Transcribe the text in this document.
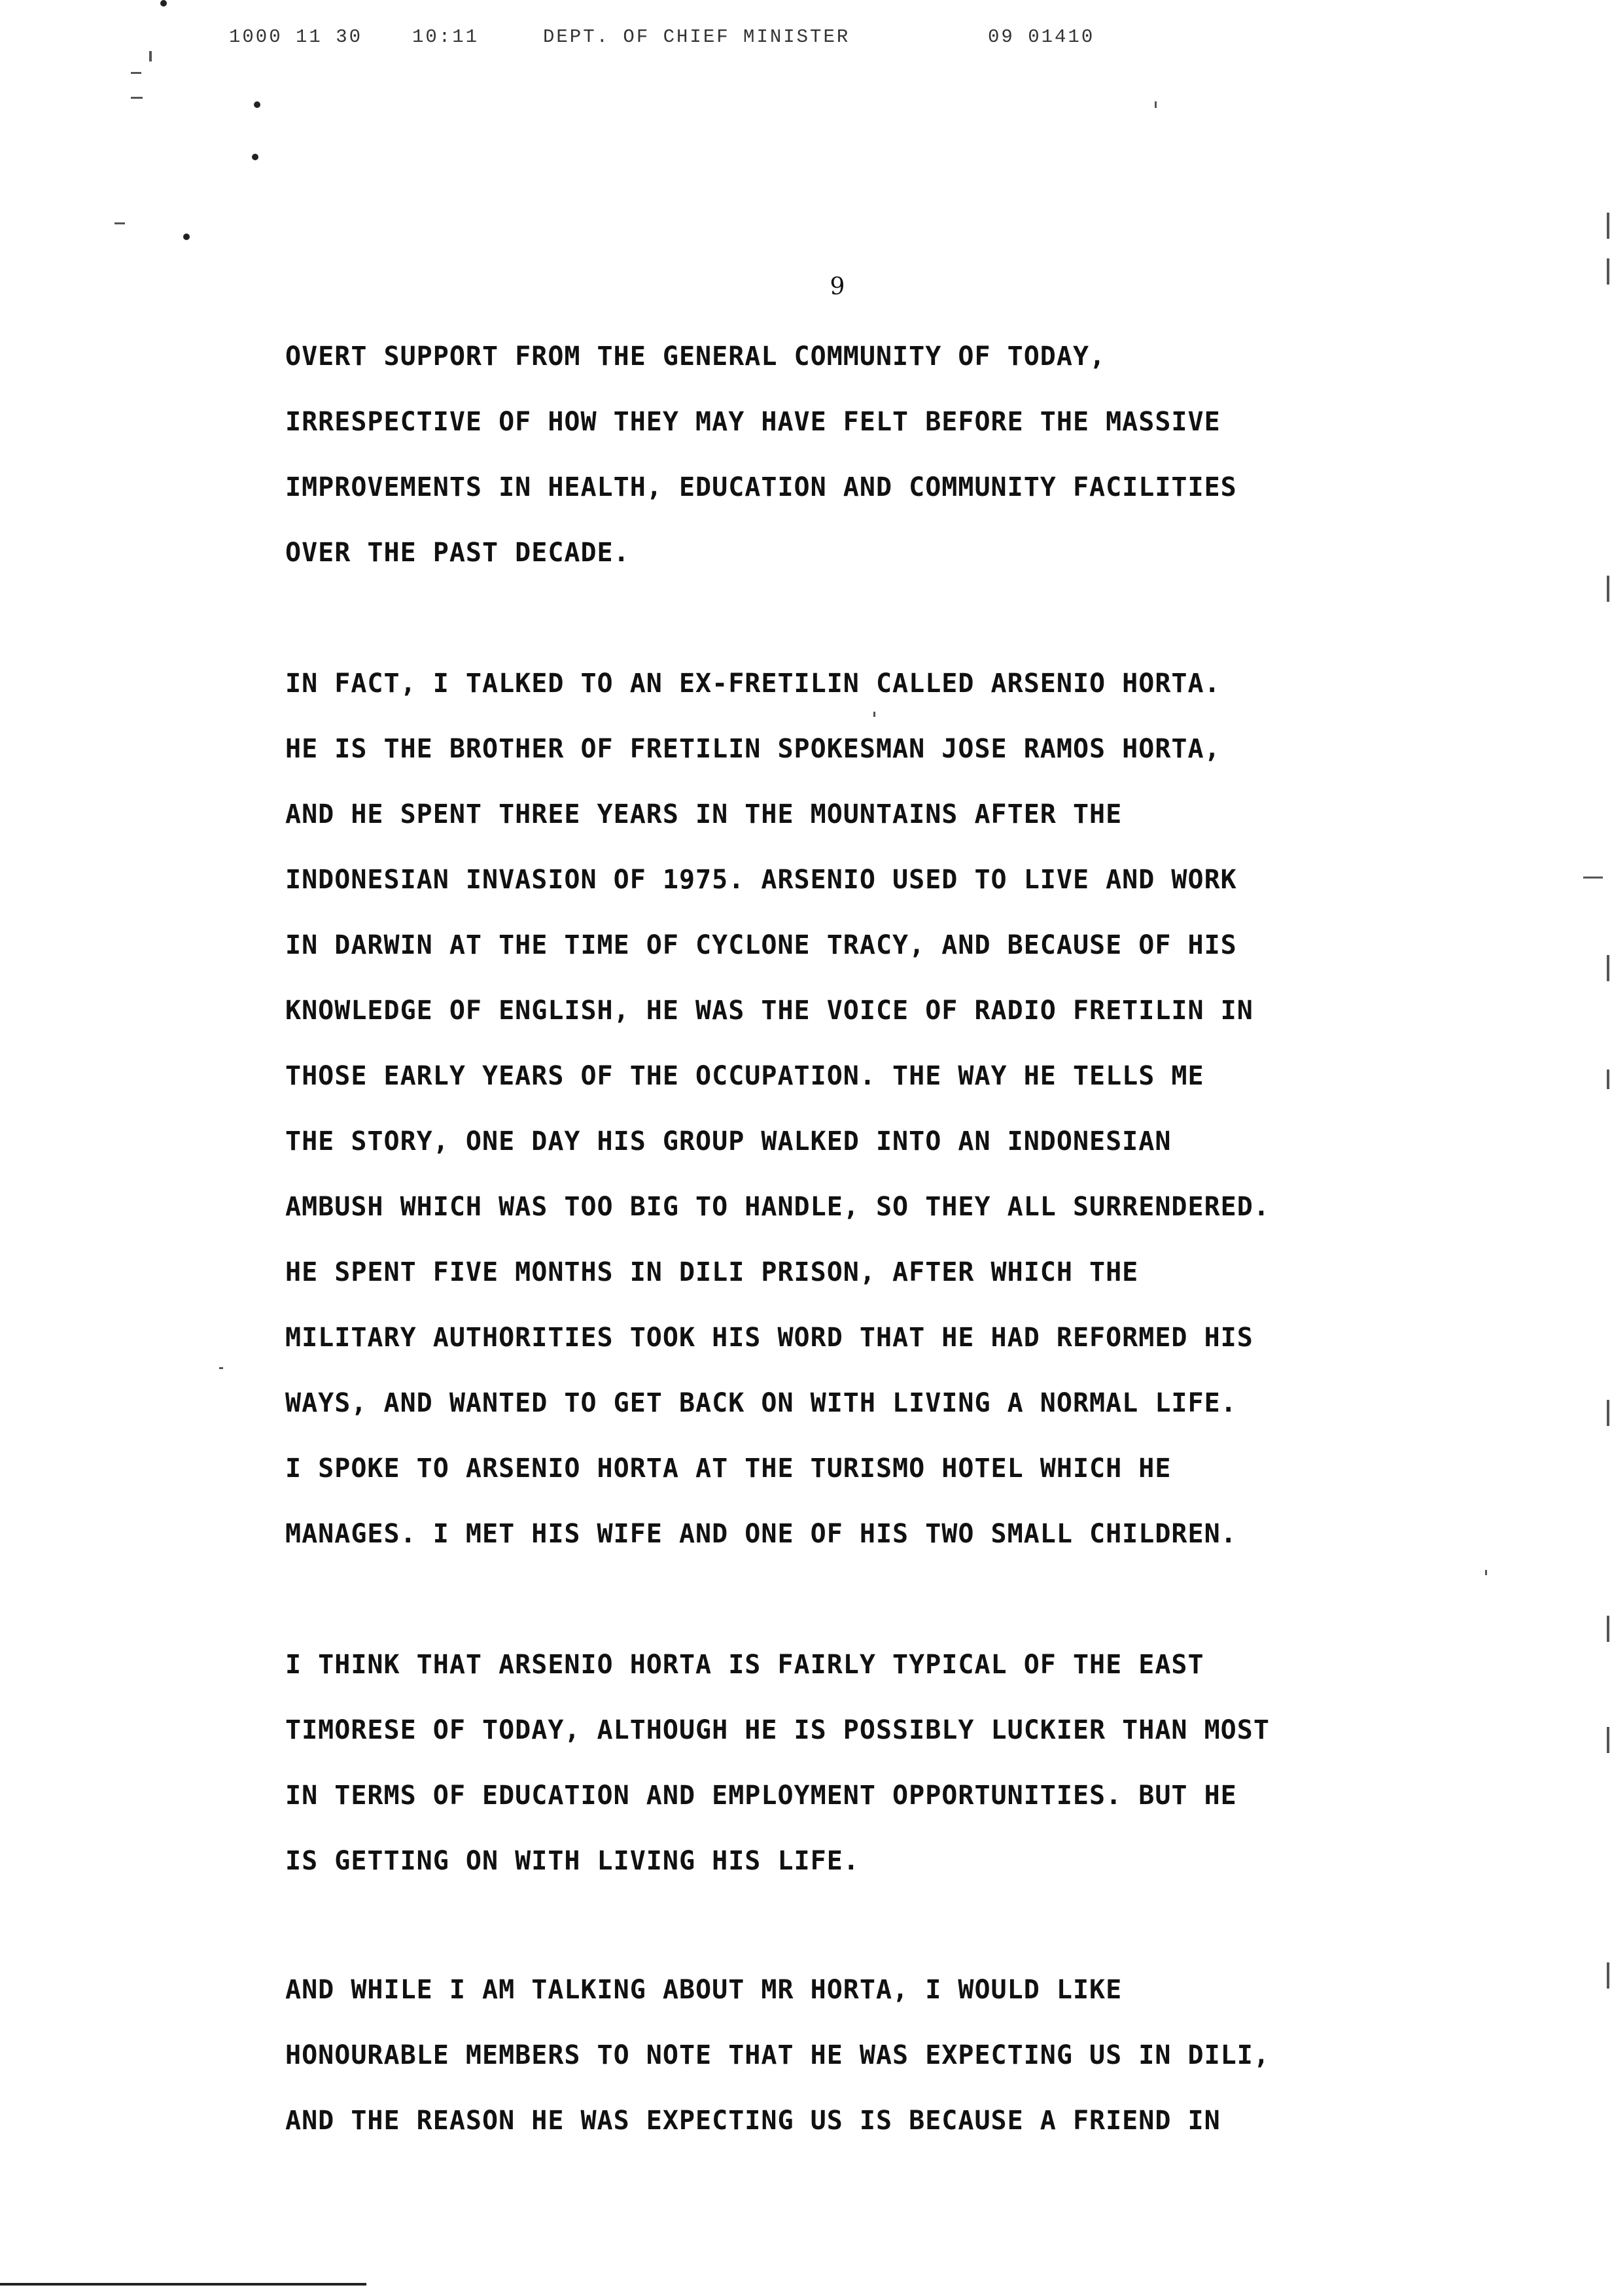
1000 11 30	10:11	DEPT. OF CHIEF MINISTER	09 01410
9
OVERT SUPPORT FROM THE GENERAL COMMUNITY OF TODAY,
IRRESPECTIVE OF HOW THEY MAY HAVE FELT BEFORE THE MASSIVE
IMPROVEMENTS IN HEALTH, EDUCATION AND COMMUNITY FACILITIES
OVER THE PAST DECADE.
IN FACT, I TALKED TO AN EX-FRETILIN CALLED ARSENIO HORTA.
HE IS THE BROTHER OF FRETILIN SPOKESMAN JOSE RAMOS HORTA,
AND HE SPENT THREE YEARS IN THE MOUNTAINS AFTER THE
INDONESIAN INVASION OF 1975. ARSENIO USED TO LIVE AND WORK
IN DARWIN AT THE TIME OF CYCLONE TRACY, AND BECAUSE OF HIS
KNOWLEDGE OF ENGLISH, HE WAS THE VOICE OF RADIO FRETILIN IN
THOSE EARLY YEARS OF THE OCCUPATION. THE WAY HE TELLS ME
THE STORY, ONE DAY HIS GROUP WALKED INTO AN INDONESIAN
AMBUSH WHICH WAS TOO BIG TO HANDLE, SO THEY ALL SURRENDERED.
HE SPENT FIVE MONTHS IN DILI PRISON, AFTER WHICH THE
MILITARY AUTHORITIES TOOK HIS WORD THAT HE HAD REFORMED HIS
WAYS, AND WANTED TO GET BACK ON WITH LIVING A NORMAL LIFE.
I SPOKE TO ARSENIO HORTA AT THE TURISMO HOTEL WHICH HE
MANAGES. I MET HIS WIFE AND ONE OF HIS TWO SMALL CHILDREN.
I THINK THAT ARSENIO HORTA IS FAIRLY TYPICAL OF THE EAST
TIMORESE OF TODAY, ALTHOUGH HE IS POSSIBLY LUCKIER THAN MOST
IN TERMS OF EDUCATION AND EMPLOYMENT OPPORTUNITIES. BUT HE
IS GETTING ON WITH LIVING HIS LIFE.
AND WHILE I AM TALKING ABOUT MR HORTA, I WOULD LIKE
HONOURABLE MEMBERS TO NOTE THAT HE WAS EXPECTING US IN DILI,
AND THE REASON HE WAS EXPECTING US IS BECAUSE A FRIEND IN
